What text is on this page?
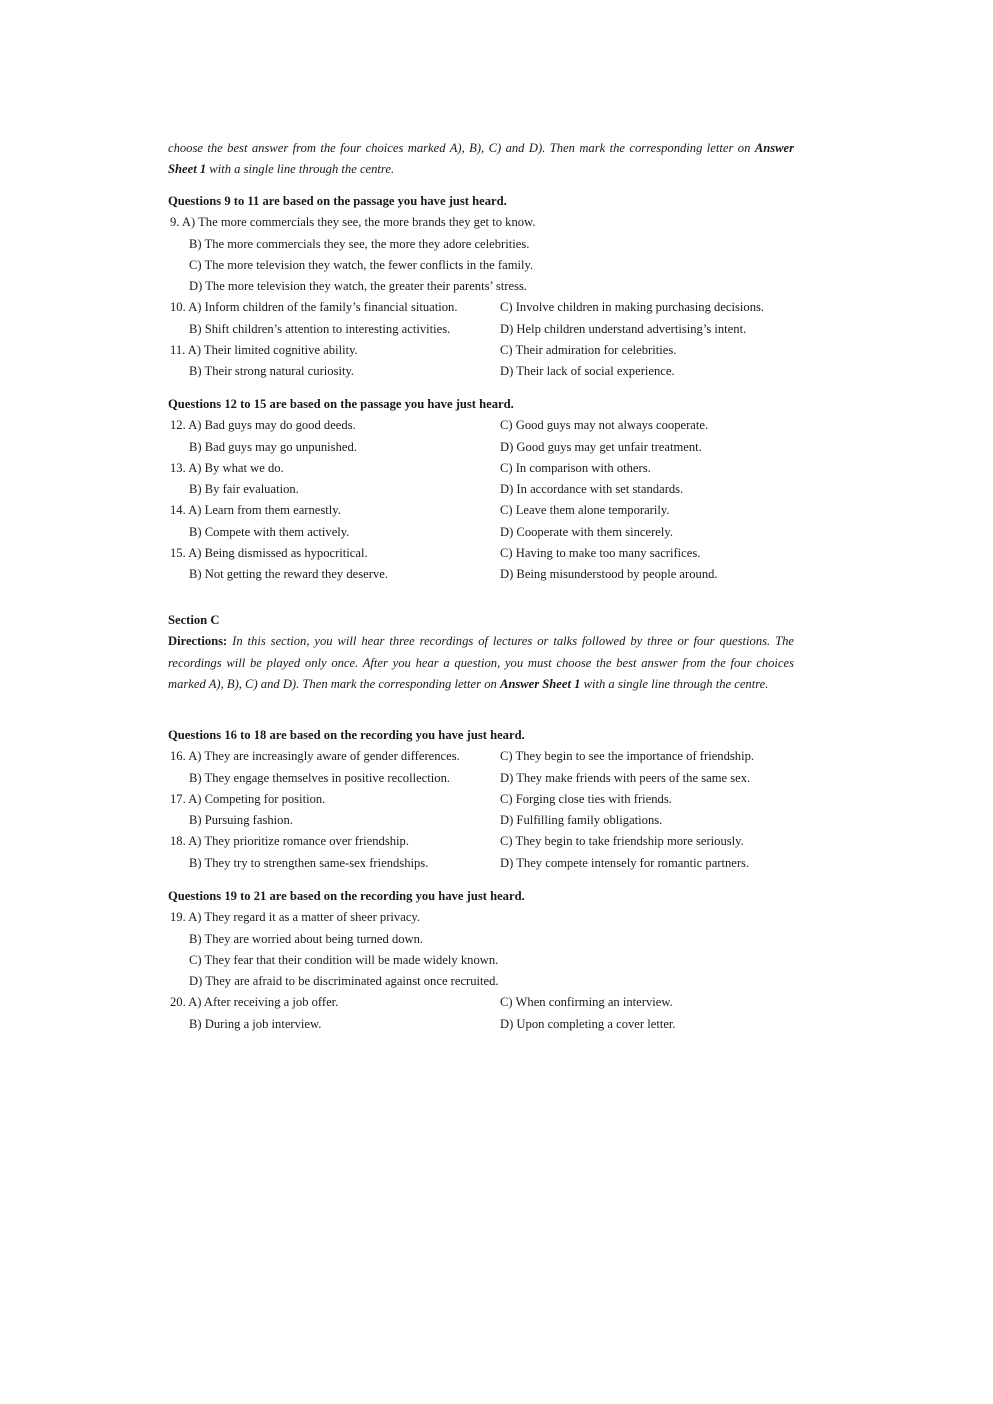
choose the best answer from the four choices marked A), B), C) and D). Then mark the corresponding letter on Answer Sheet 1 with a single line through the centre.
Questions 9 to 11 are based on the passage you have just heard.
9. A) The more commercials they see, the more brands they get to know.
B) The more commercials they see, the more they adore celebrities.
C) The more television they watch, the fewer conflicts in the family.
D) The more television they watch, the greater their parents’ stress.
10. A) Inform children of the family’s financial situation.	C) Involve children in making purchasing decisions.
B) Shift children’s attention to interesting activities.	D) Help children understand advertising’s intent.
11. A) Their limited cognitive ability.	C) Their admiration for celebrities.
B) Their strong natural curiosity.	D) Their lack of social experience.
Questions 12 to 15 are based on the passage you have just heard.
12. A) Bad guys may do good deeds.	C) Good guys may not always cooperate.
B) Bad guys may go unpunished.	D) Good guys may get unfair treatment.
13. A) By what we do.	C) In comparison with others.
B) By fair evaluation.	D) In accordance with set standards.
14. A) Learn from them earnestly.	C) Leave them alone temporarily.
B) Compete with them actively.	D) Cooperate with them sincerely.
15. A) Being dismissed as hypocritical.	C) Having to make too many sacrifices.
B) Not getting the reward they deserve.	D) Being misunderstood by people around.
Section C
Directions: In this section, you will hear three recordings of lectures or talks followed by three or four questions. The recordings will be played only once. After you hear a question, you must choose the best answer from the four choices marked A), B), C) and D). Then mark the corresponding letter on Answer Sheet 1 with a single line through the centre.
Questions 16 to 18 are based on the recording you have just heard.
16. A) They are increasingly aware of gender differences.	C) They begin to see the importance of friendship.
B) They engage themselves in positive recollection.	D) They make friends with peers of the same sex.
17. A) Competing for position.	C) Forging close ties with friends.
B) Pursuing fashion.	D) Fulfilling family obligations.
18. A) They prioritize romance over friendship.	C) They begin to take friendship more seriously.
B) They try to strengthen same-sex friendships.	D) They compete intensely for romantic partners.
Questions 19 to 21 are based on the recording you have just heard.
19. A) They regard it as a matter of sheer privacy.
B) They are worried about being turned down.
C) They fear that their condition will be made widely known.
D) They are afraid to be discriminated against once recruited.
20. A) After receiving a job offer.	C) When confirming an interview.
B) During a job interview.	D) Upon completing a cover letter.
